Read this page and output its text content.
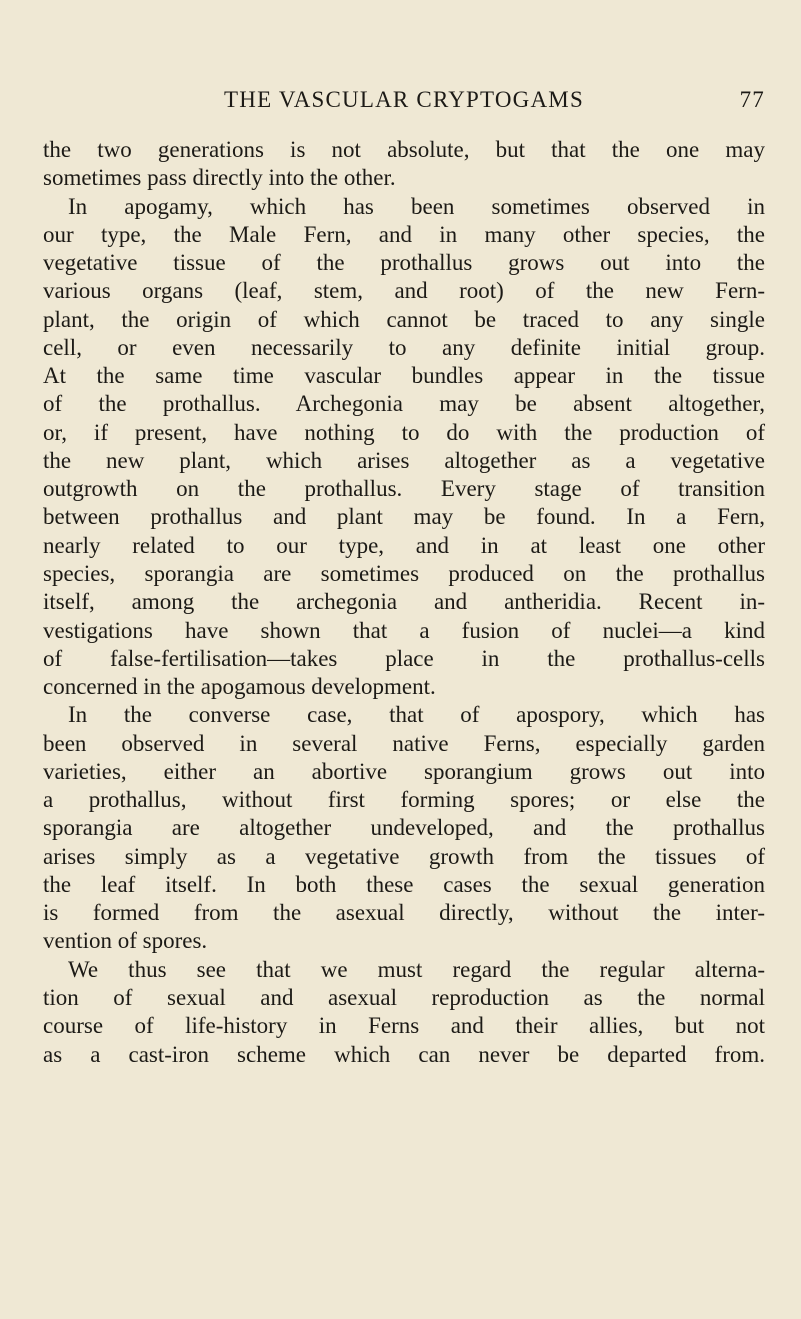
THE VASCULAR CRYPTOGAMS	77
the two generations is not absolute, but that the one may
sometimes pass directly into the other.
In apogamy, which has been sometimes observed in
our type, the Male Fern, and in many other species, the
vegetative tissue of the prothallus grows out into the
various organs (leaf, stem, and root) of the new Fern-
plant, the origin of which cannot be traced to any single
cell, or even necessarily to any definite initial group.
At the same time vascular bundles appear in the tissue
of the prothallus. Archegonia may be absent altogether,
or, if present, have nothing to do with the production of
the new plant, which arises altogether as a vegetative
outgrowth on the prothallus. Every stage of transition
between prothallus and plant may be found. In a Fern,
nearly related to our type, and in at least one other
species, sporangia are sometimes produced on the prothallus
itself, among the archegonia and antheridia. Recent in-
vestigations have shown that a fusion of nuclei—a kind
of false-fertilisation—takes place in the prothallus-cells
concerned in the apogamous development.
In the converse case, that of apospory, which has
been observed in several native Ferns, especially garden
varieties, either an abortive sporangium grows out into
a prothallus, without first forming spores; or else the
sporangia are altogether undeveloped, and the prothallus
arises simply as a vegetative growth from the tissues of
the leaf itself. In both these cases the sexual generation
is formed from the asexual directly, without the inter-
vention of spores.
We thus see that we must regard the regular alterna-
tion of sexual and asexual reproduction as the normal
course of life-history in Ferns and their allies, but not
as a cast-iron scheme which can never be departed from.
